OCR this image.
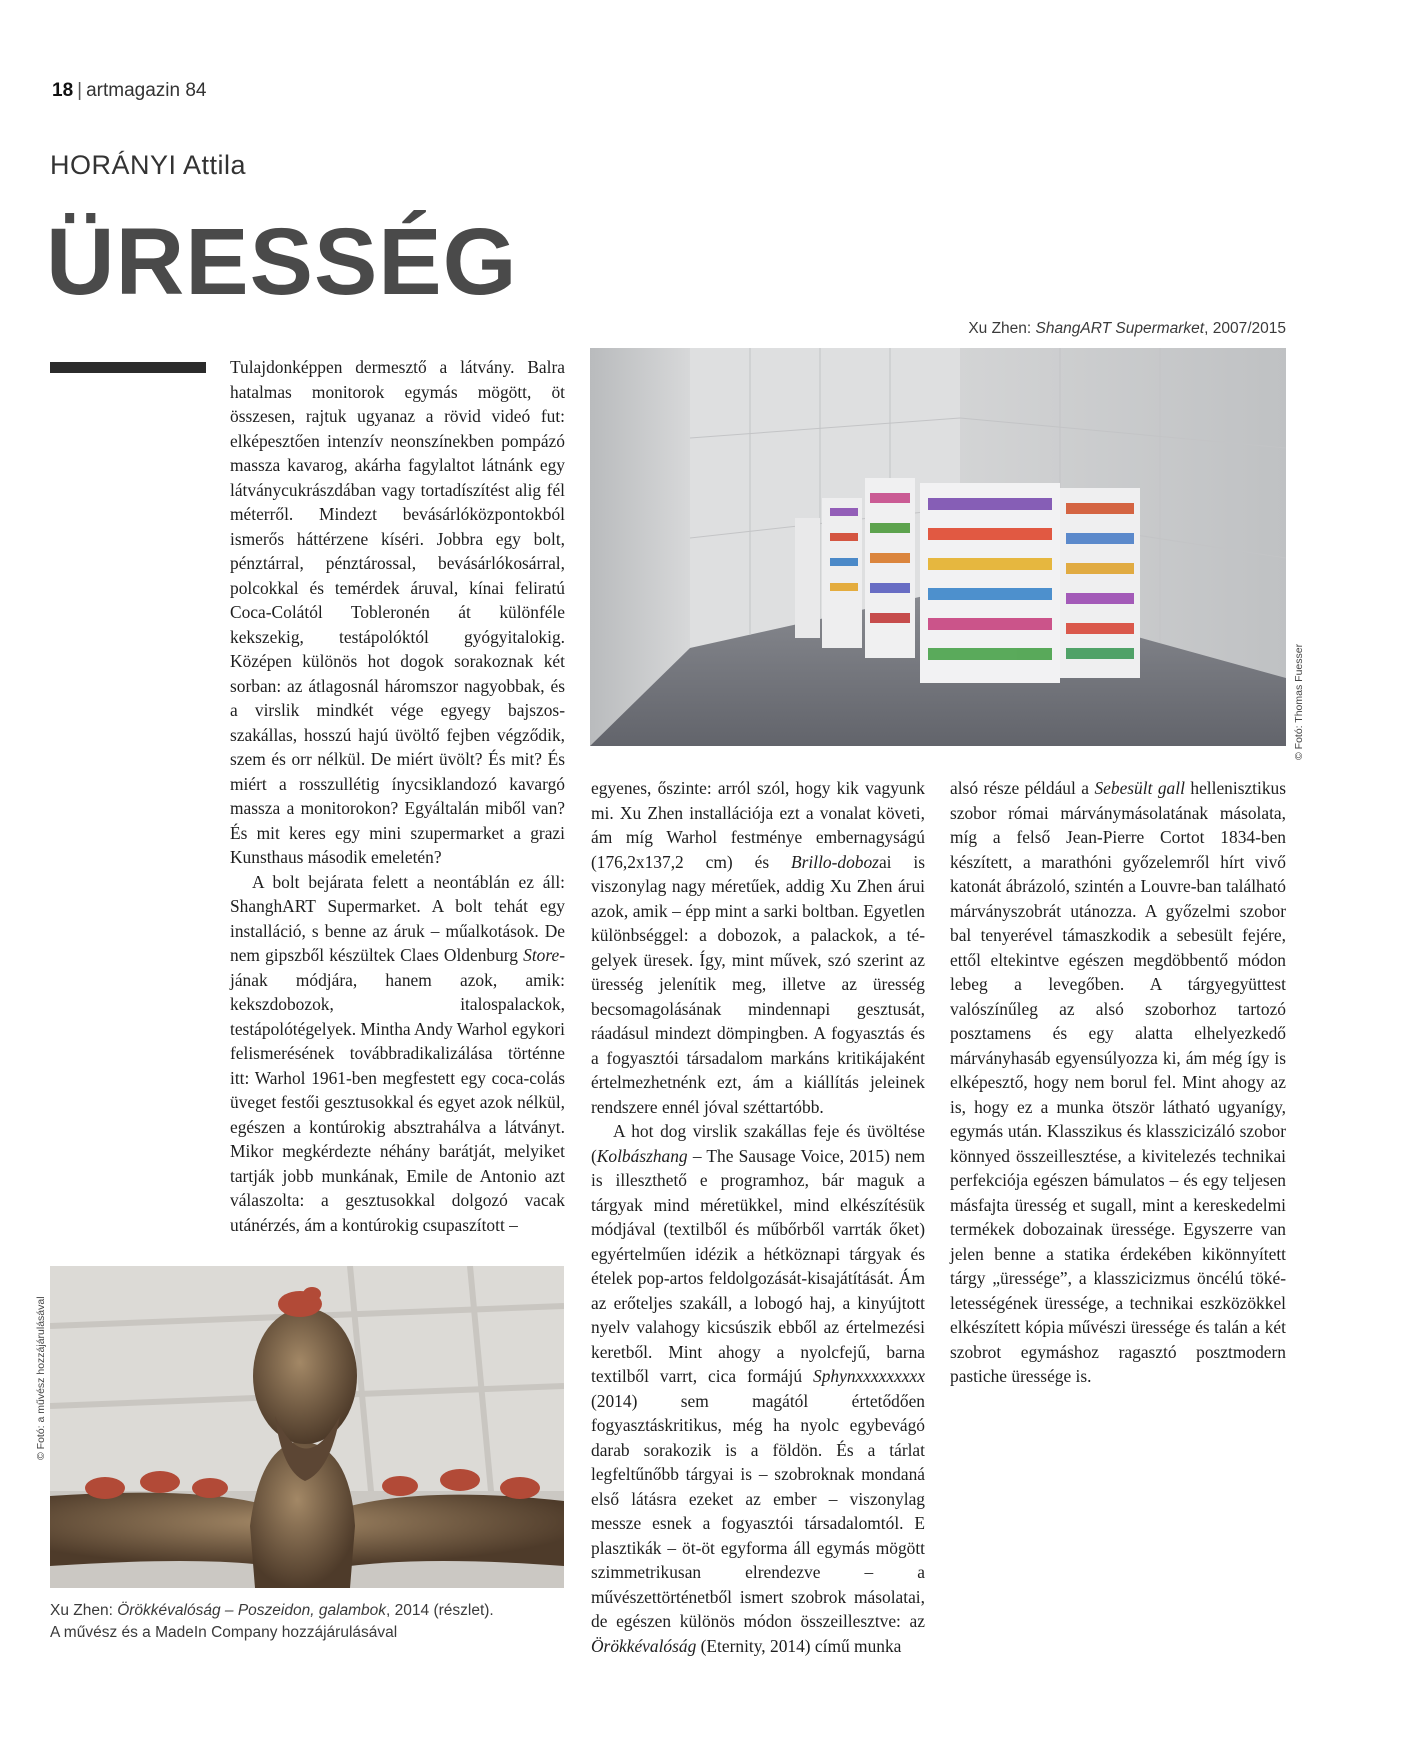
18 | artmagazin 84
HORÁNYI Attila
ÜRESSÉG
Xu Zhen: ShangART Supermarket, 2007/2015
© Fotó: Thomas Fuesser

Tulajdonképpen dermesztő a látvány. Balra hatalmas monitorok egymás mögött, öt összesen, rajtuk ugyanaz a rövid videó fut: elképesztően intenzív neonszínekben pompázó massza kavarog, akárha fagylaltot látnánk egy látványcukrászdában vagy tortadíszítést alig fél méterről. Mindezt bevásárlóközpontokból ismerős háttérzene kíséri. Jobbra egy bolt, pénztárral, pénztárossal, bevásárlókosárral, polcokkal és temérdek áruval, kínai feliratú Coca-Colától Tobleronén át különféle kekszekig, testápolóktól gyógyitalokig. Középen különös hot dogok sorakoznak két sorban: az átlagosnál háromszor nagyobbak, és a virslik mindkét vége egyegy bajszos-szakállas, hosszú hajú üvöltő fejben végződik, szem és orr nélkül. De miért üvölt? És mit? És miért a rosszullétig ínycsiklandozó kavargó massza a monitorokon? Egyáltalán miből van? És mit keres egy mini szupermarket a grazi Kunsthaus második emeletén?

A bolt bejárata felett a neontáblán ez áll: ShanghART Supermarket. A bolt tehát egy installáció, s benne az áruk – műalkotások. De nem gipszből készültek Claes Oldenburg Store-jának módjára, hanem azok, amik: kekszdobozok, italospalackok, testápolótégelyek. Mintha Andy Warhol egykori felismerésének továbbradikalizálása történne itt: Warhol 1961-ben megfestett egy coca-colás üveget festői gesztusokkal és egyet azok nélkül, egészen a kontúrokig absztrahálva a látványt. Mikor megkérdezte néhány barátját, melyiket tartják jobb munkának, Emile de Antonio azt válaszolta: a gesztusokkal dolgozó vacak utánérzés, ám a kontúrokig csupaszított –

egyenes, őszinte: arról szól, hogy kik vagyunk mi. Xu Zhen installációja ezt a vonalat követi, ám míg Warhol festménye embernagyságú (176,2x137,2 cm) és Brillo-dobozai is viszonylag nagy méretűek, addig Xu Zhen árui azok, amik – épp mint a sarki boltban. Egyetlen különbséggel: a dobozok, a palackok, a tégelyek üresek. Így, mint művek, szó szerint az üresség jelenítik meg, illetve az üresség becsomagolásának mindennapi gesztusát, ráadásul mindezt dömpingben. A fogyasztás és a fogyasztói társadalom markáns kritikájaként értelmezhetnénk ezt, ám a kiállítás jeleinek rendszere ennél jóval széttartóbb.

A hot dog virslik szakállas feje és üvöltése (Kolbászhang – The Sausage Voice, 2015) nem is illeszthető e programhoz, bár maguk a tárgyak mind méretükkel, mind elkészítésük módjával (textilből és műbőrből varrták őket) egyértelműen idézik a hétköznapi tárgyak és ételek pop-artos feldolgozását-kisajátítását. Ám az erőteljes szakáll, a lobogó haj, a kinyújtott nyelv valahogy kicsúszik ebből az értelmezési keretből. Mint ahogy a nyolcfejű, barna textilből varrt, cica formájú Sphynxxxxxxxxx (2014) sem magától értetődően fogyasztáskritikus, még ha nyolc egybevágó darab sorakozik is a földön. És a tárlat legfeltűnőbb tárgyai is – szobroknak mondaná első látásra ezeket az ember – viszonylag messze esnek a fogyasztói társadalomtól. E plasztikák – öt-öt egyforma áll egymás mögött szimmetrikusan elrendezve – a művészettörténetből ismert szobrok másolatai, de egészen különös módon összeillesztve: az Örökkévalóság (Eternity, 2014) című munka

alsó része például a Sebesült gall hellenisztikus szobor római márványmásolatának másolata, míg a felső Jean-Pierre Cortot 1834-ben készített, a marathóni győzelemről hírt vivő katonát ábrázoló, szintén a Louvre-ban található márványszobrát utánozza. A győzelmi szobor bal tenyerével támaszkodik a sebesült fejére, ettől eltekintve egészen megdöbbentő módon lebeg a levegőben. A tárgyegyüttest valószínűleg az alsó szoborhoz tartozó posztamens és egy alatta elhelyezkedő márványhasáb egyensúlyozza ki, ám még így is elképesztő, hogy nem borul fel. Mint ahogy az is, hogy ez a munka ötször látható ugyanígy, egymás után. Klasszikus és klasszicizáló szobor könnyed összeillesztése, a kivitelezés technikai perfekciója egészen bámulatos – és egy teljesen másfajta üresség et sugall, mint a kereskedelmi termékek dobozainak üressége. Egyszerre van jelen benne a statika érdekében kikönnyített tárgy „üressége”, a klasszicizmus öncélú tökéletességének üressége, a technikai eszközökkel elkészített kópia művészi üressége és talán a két szobrot egymáshoz ragasztó posztmodern pastiche üressége is.

© Fotó: a művész hozzájárulásával
Xu Zhen: Örökkévalóság – Poszeidon, galambok, 2014 (részlet).
A művész és a MadeIn Company hozzájárulásával
